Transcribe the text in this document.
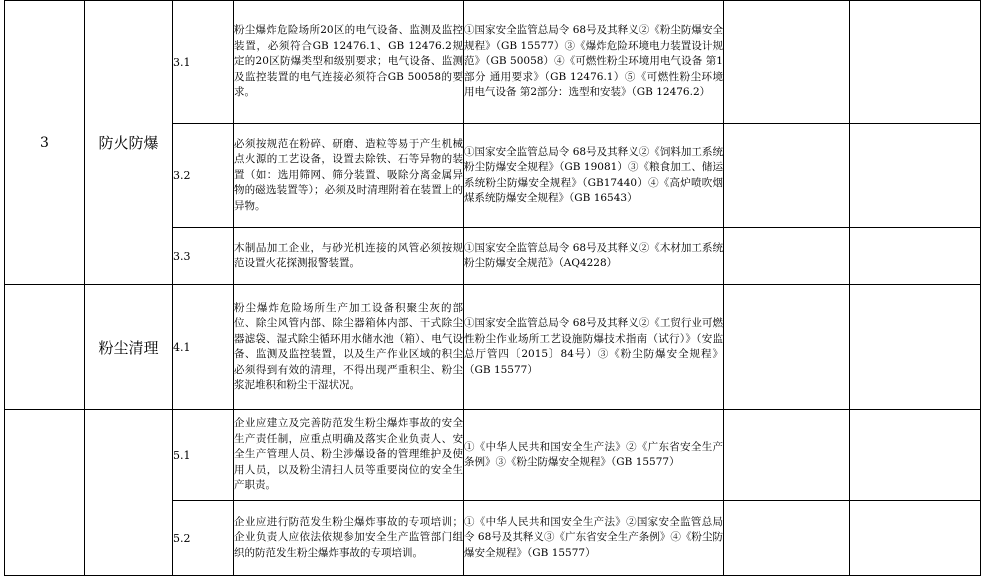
3	防火防爆	3.1	粉尘爆炸危险场所20区的电气设备、监测及监控装置，必须符合GB 12476.1、GB 12476.2规定的20区防爆类型和级别要求；电气设备、监测及监控装置的电气连接必须符合GB 50058的要求。	①国家安全监管总局令 68号及其释义②《粉尘防爆安全规程》（GB 15577）③《爆炸危险环境电力装置设计规范》（GB 50058）④《可燃性粉尘环境用电气设备 第1部分 通用要求》（GB 12476.1）⑤《可燃性粉尘环境用电气设备 第2部分：选型和安装》（GB 12476.2）		
		3.2	必须按规范在粉碎、研磨、造粒等易于产生机械点火源的工艺设备，设置去除铁、石等异物的装置（如：选用筛网、筛分装置、吸除分离金属异物的磁选装置等）；必须及时清理附着在装置上的异物。	①国家安全监管总局令 68号及其释义②《饲料加工系统粉尘防爆安全规程》（GB 19081）③《粮食加工、储运系统粉尘防爆安全规程》（GB17440）④《高炉喷吹烟煤系统防爆安全规程》（GB 16543）		
		3.3	木制品加工企业，与砂光机连接的风管必须按规范设置火花探测报警装置。	①国家安全监管总局令 68号及其释义②《木材加工系统粉尘防爆安全规范》（AQ4228）		
	粉尘清理	4.1	粉尘爆炸危险场所生产加工设备积聚尘灰的部位、除尘风管内部、除尘器箱体内部、干式除尘器滤袋、湿式除尘循环用水储水池（箱）、电气设备、监测及监控装置，以及生产作业区域的积尘必须得到有效的清理，不得出现严重积尘、粉尘浆泥堆积和粉尘干湿状况。	①国家安全监管总局令 68号及其释义②《工贸行业可燃性粉尘作业场所工艺设施防爆技术指南（试行）》（安监总厅管四〔2015〕84号）③《粉尘防爆安全规程》（GB 15577）		
		5.1	企业应建立及完善防范发生粉尘爆炸事故的安全生产责任制，应重点明确及落实企业负责人、安全生产管理人员、粉尘涉爆设备的管理维护及使用人员，以及粉尘清扫人员等重要岗位的安全生产职责。	①《中华人民共和国安全生产法》②《广东省安全生产条例》③《粉尘防爆安全规程》（GB 15577）		
		5.2	企业应进行防范发生粉尘爆炸事故的专项培训；企业负责人应依法依规参加安全生产监管部门组织的防范发生粉尘爆炸事故的专项培训。	①《中华人民共和国安全生产法》②国家安全监管总局令 68号及其释义③《广东省安全生产条例》④《粉尘防爆安全规程》（GB 15577）		
